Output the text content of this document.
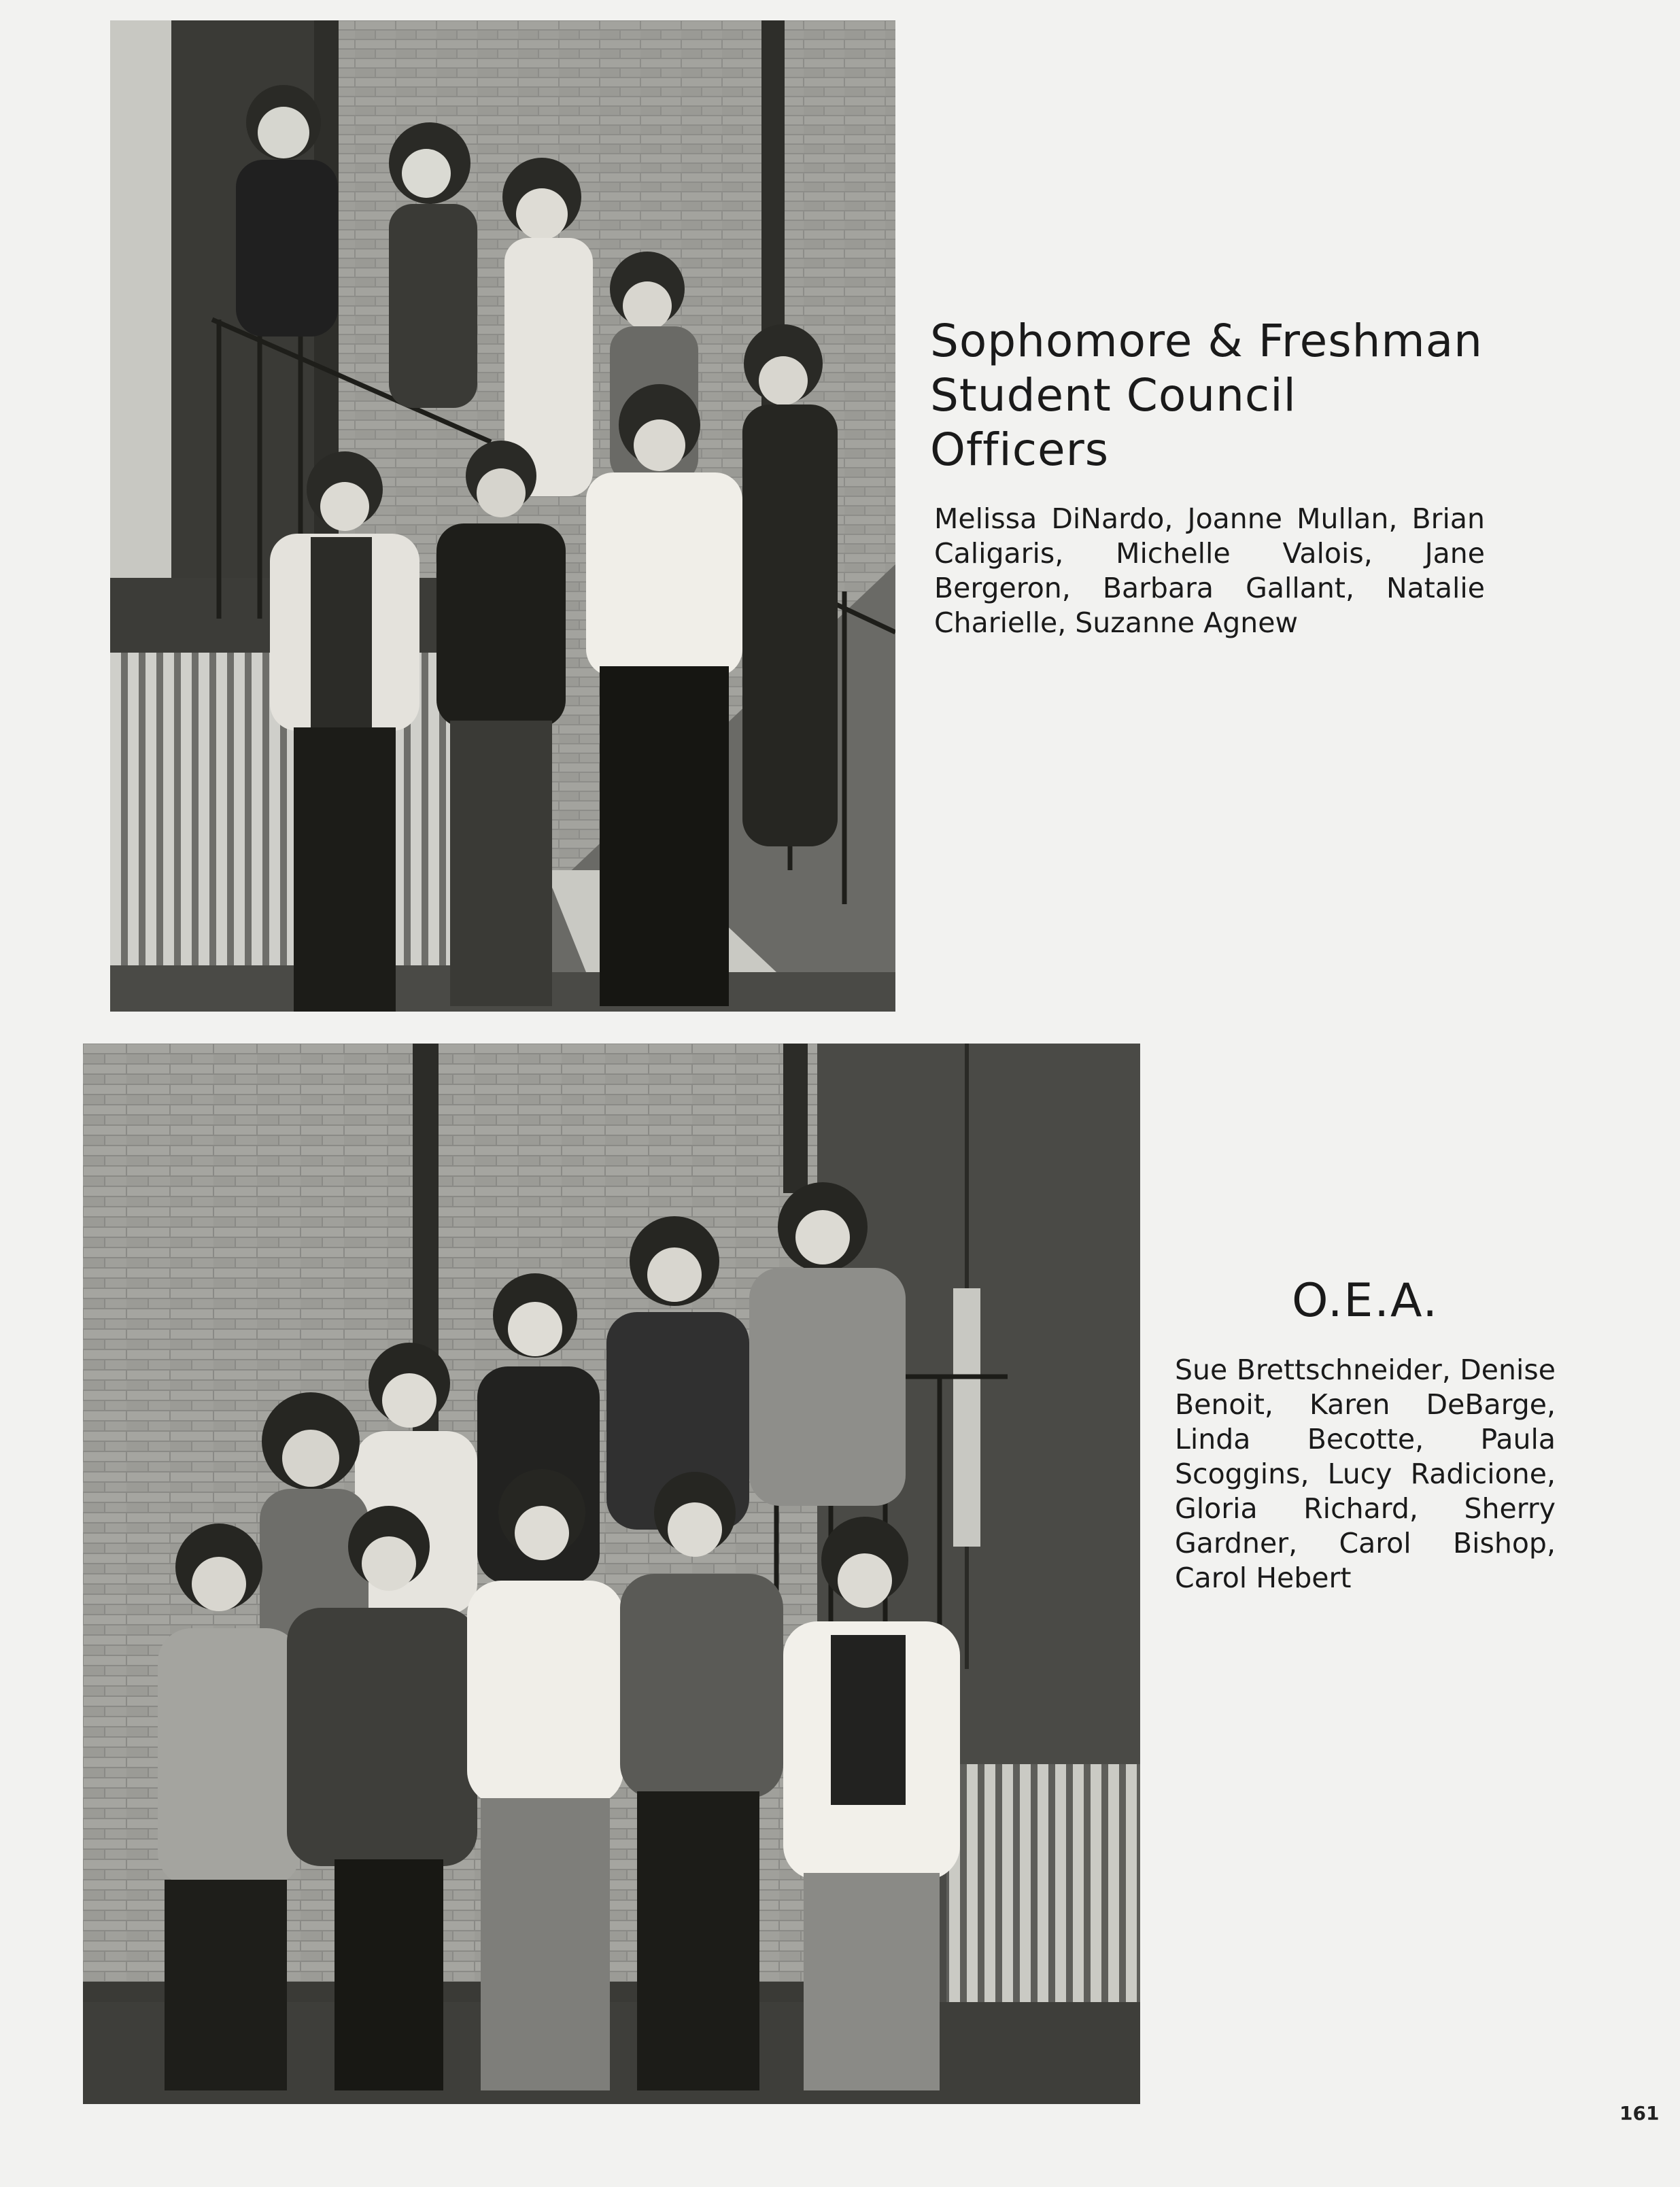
Sophomore & Freshman
Student Council
Officers

Melissa DiNardo, Joanne Mullan, Brian Caligaris, Michelle Valois, Jane Bergeron, Barbara Gallant, Natalie Charielle, Suzanne Agnew

O.E.A.

Sue Brettschneider, Denise Benoit, Karen DeBarge, Linda Becotte, Paula Scoggins, Lucy Radicione, Gloria Richard, Sherry Gardner, Carol Bishop, Carol Hebert

161
